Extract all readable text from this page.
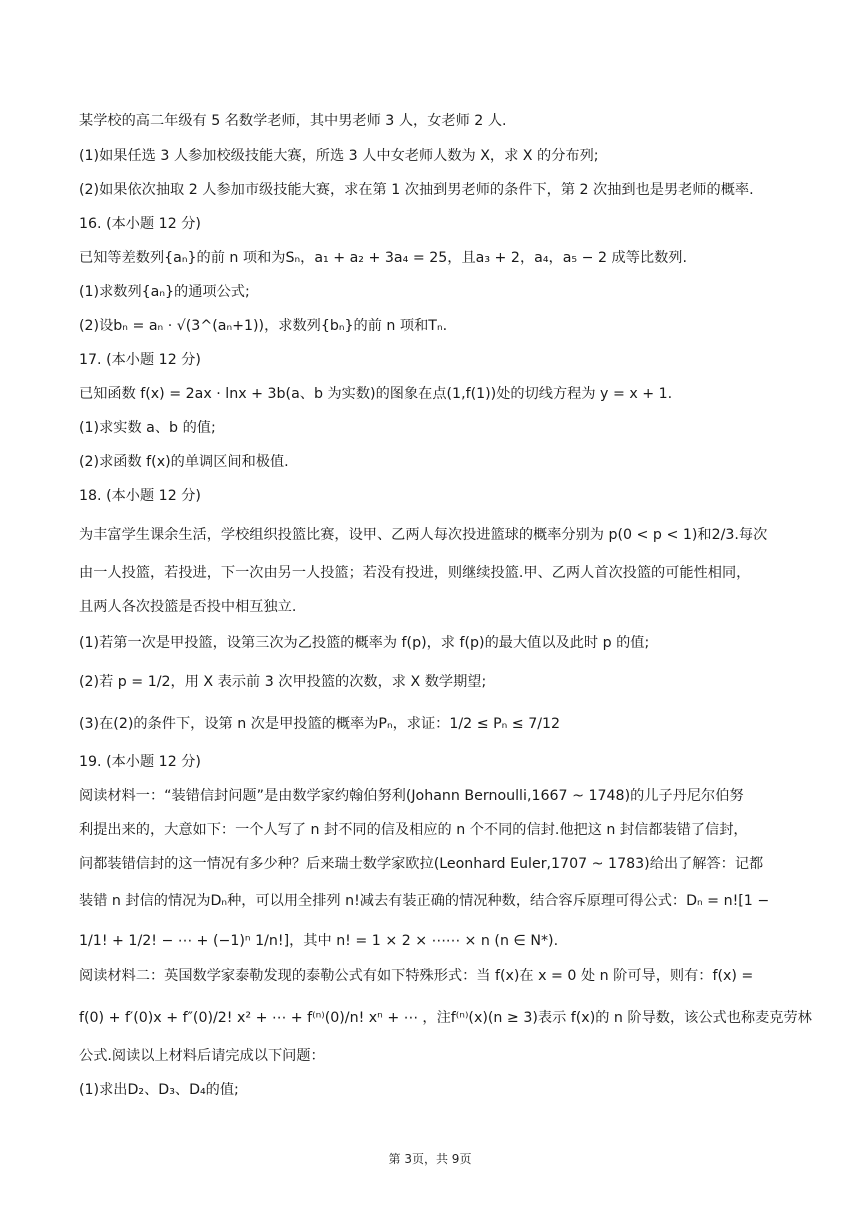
某学校的高二年级有 5 名数学老师，其中男老师 3 人，女老师 2 人.
(1)如果任选 3 人参加校级技能大赛，所选 3 人中女老师人数为 X，求 X 的分布列;
(2)如果依次抽取 2 人参加市级技能大赛，求在第 1 次抽到男老师的条件下，第 2 次抽到也是男老师的概率.
16. (本小题 12 分)
已知等差数列{aₙ}的前 n 项和为Sₙ，a₁ + a₂ + 3a₄ = 25，且a₃ + 2，a₄，a₅ − 2 成等比数列.
(1)求数列{aₙ}的通项公式;
(2)设bₙ = aₙ · √(3^(aₙ+1))，求数列{bₙ}的前 n 项和Tₙ.
17. (本小题 12 分)
已知函数 f(x) = 2ax · lnx + 3b(a、b 为实数)的图象在点(1,f(1))处的切线方程为 y = x + 1.
(1)求实数 a、b 的值;
(2)求函数 f(x)的单调区间和极值.
18. (本小题 12 分)
为丰富学生课余生活，学校组织投篮比赛，设甲、乙两人每次投进篮球的概率分别为 p(0 < p < 1)和2/3.每次
由一人投篮，若投进，下一次由另一人投篮；若没有投进，则继续投篮.甲、乙两人首次投篮的可能性相同，
且两人各次投篮是否投中相互独立.
(1)若第一次是甲投篮，设第三次为乙投篮的概率为 f(p)，求 f(p)的最大值以及此时 p 的值;
(2)若 p = 1/2，用 X 表示前 3 次甲投篮的次数，求 X 数学期望;
(3)在(2)的条件下，设第 n 次是甲投篮的概率为Pₙ，求证：1/2 ≤ Pₙ ≤ 7/12
19. (本小题 12 分)
阅读材料一：“装错信封问题”是由数学家约翰伯努利(Johann Bernoulli,1667 ~ 1748)的儿子丹尼尔伯努
利提出来的，大意如下：一个人写了 n 封不同的信及相应的 n 个不同的信封.他把这 n 封信都装错了信封，
问都装错信封的这一情况有多少种？后来瑞士数学家欧拉(Leonhard Euler,1707 ~ 1783)给出了解答：记都
装错 n 封信的情况为Dₙ种，可以用全排列 n!减去有装正确的情况种数，结合容斥原理可得公式：Dₙ = n![1 −
1/1! + 1/2! − ⋯ + (−1)ⁿ 1/n!]，其中 n! = 1 × 2 × ⋯⋯ × n (n ∈ N*).
阅读材料二：英国数学家泰勒发现的泰勒公式有如下特殊形式：当 f(x)在 x = 0 处 n 阶可导，则有：f(x) =
f(0) + f′(0)x + f″(0)/2! x² + ⋯ + f⁽ⁿ⁾(0)/n! xⁿ + ⋯ ，注f⁽ⁿ⁾(x)(n ≥ 3)表示 f(x)的 n 阶导数，该公式也称麦克劳林
公式.阅读以上材料后请完成以下问题：
(1)求出D₂、D₃、D₄的值;
第 3页，共 9页
